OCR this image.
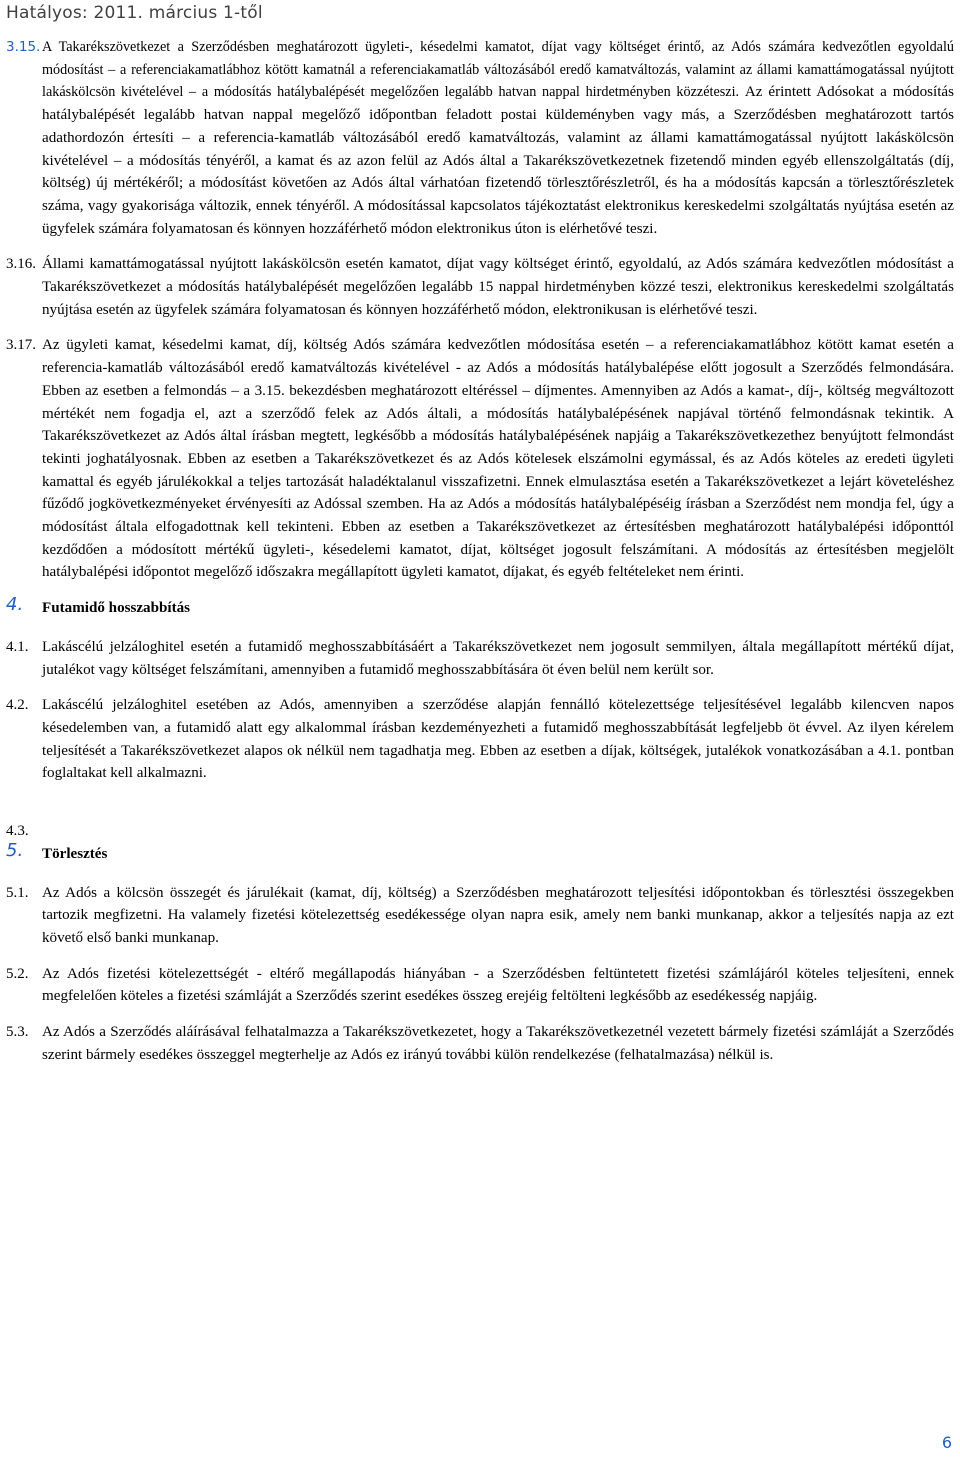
Hatályos: 2011. március 1-től
3.15. A Takarékszövetkezet a Szerződésben meghatározott ügyleti-, késedelmi kamatot, díjat vagy költséget érintő, az Adós számára kedvezőtlen egyoldalú módosítást – a referenciakamatlábhoz kötött kamatnál a referenciakamatláb változásából eredő kamatváltozás, valamint az állami kamattámogatással nyújtott lakáskölcsön kivételével – a módosítás hatálybalépését megelőzően legalább hatvan nappal hirdetményben közzéteszi. Az érintett Adósokat a módosítás hatálybalépését legalább hatvan nappal megelőző időpontban feladott postai küldeményben vagy más, a Szerződésben meghatározott tartós adathordozón értesíti – a referencia-kamatláb változásából eredő kamatváltozás, valamint az állami kamattámogatással nyújtott lakáskölcsön kivételével – a módosítás tényéről, a kamat és az azon felül az Adós által a Takarékszövetkezetnek fizetendő minden egyéb ellenszolgáltatás (díj, költség) új mértékéről; a módosítást követően az Adós által várhatóan fizetendő törlesztőrészletről, és ha a módosítás kapcsán a törlesztőrészletek száma, vagy gyakorisága változik, ennek tényéről. A módosítással kapcsolatos tájékoztatást elektronikus kereskedelmi szolgáltatás nyújtása esetén az ügyfelek számára folyamatosan és könnyen hozzáférhető módon elektronikus úton is elérhetővé teszi.

3.16. Állami kamattámogatással nyújtott lakáskölcsön esetén kamatot, díjat vagy költséget érintő, egyoldalú, az Adós számára kedvezőtlen módosítást a Takarékszövetkezet a módosítás hatálybalépését megelőzően legalább 15 nappal hirdetményben közzé teszi, elektronikus kereskedelmi szolgáltatás nyújtása esetén az ügyfelek számára folyamatosan és könnyen hozzáférhető módon, elektronikusan is elérhetővé teszi.

3.17. Az ügyleti kamat, késedelmi kamat, díj, költség Adós számára kedvezőtlen módosítása esetén – a referenciakamatlábhoz kötött kamat esetén a referencia-kamatláb változásából eredő kamatváltozás kivételével - az Adós a módosítás hatálybalépése előtt jogosult a Szerződés felmondására. Ebben az esetben a felmondás – a 3.15. bekezdésben meghatározott eltéréssel – díjmentes. Amennyiben az Adós a kamat-, díj-, költség megváltozott mértékét nem fogadja el, azt a szerződő felek az Adós általi, a módosítás hatálybalépésének napjával történő felmondásnak tekintik. A Takarékszövetkezet az Adós által írásban megtett, legkésőbb a módosítás hatálybalépésének napjáig a Takarékszövetkezethez benyújtott felmondást tekinti joghatályosnak. Ebben az esetben a Takarékszövetkezet és az Adós kötelesek elszámolni egymással, és az Adós köteles az eredeti ügyleti kamattal és egyéb járulékokkal a teljes tartozását haladéktalanul visszafizetni. Ennek elmulasztása esetén a Takarékszövetkezet a lejárt követeléshez fűződő jogkövetkezményeket érvényesíti az Adóssal szemben. Ha az Adós a módosítás hatálybalépéséig írásban a Szerződést nem mondja fel, úgy a módosítást általa elfogadottnak kell tekinteni. Ebben az esetben a Takarékszövetkezet az értesítésben meghatározott hatálybalépési időponttól kezdődően a módosított mértékű ügyleti-, késedelemi kamatot, díjat, költséget jogosult felszámítani. A módosítás az értesítésben megjelölt hatálybalépési időpontot megelőző időszakra megállapított ügyleti kamatot, díjakat, és egyéb feltételeket nem érinti.

4. Futamidő hosszabbítás
4.1. Lakáscélú jelzáloghitel esetén a futamidő meghosszabbításáért a Takarékszövetkezet nem jogosult semmilyen, általa megállapított mértékű díjat, jutalékot vagy költséget felszámítani, amennyiben a futamidő meghosszabbítására öt éven belül nem került sor.

4.2. Lakáscélú jelzáloghitel esetében az Adós, amennyiben a szerződése alapján fennálló kötelezettsége teljesítésével legalább kilencven napos késedelemben van, a futamidő alatt egy alkalommal írásban kezdeményezheti a futamidő meghosszabbítását legfeljebb öt évvel. Az ilyen kérelem teljesítését a Takarékszövetkezet alapos ok nélkül nem tagadhatja meg. Ebben az esetben a díjak, költségek, jutalékok vonatkozásában a 4.1. pontban foglaltakat kell alkalmazni.

4.3.
5. Törlesztés
5.1. Az Adós a kölcsön összegét és járulékait (kamat, díj, költség) a Szerződésben meghatározott teljesítési időpontokban és törlesztési összegekben tartozik megfizetni. Ha valamely fizetési kötelezettség esedékessége olyan napra esik, amely nem banki munkanap, akkor a teljesítés napja az ezt követő első banki munkanap.

5.2. Az Adós fizetési kötelezettségét - eltérő megállapodás hiányában - a Szerződésben feltüntetett fizetési számlájáról köteles teljesíteni, ennek megfelelően köteles a fizetési számláját a Szerződés szerint esedékes összeg erejéig feltölteni legkésőbb az esedékesség napjáig.

5.3. Az Adós a Szerződés aláírásával felhatalmazza a Takarékszövetkezetet, hogy a Takarékszövetkezetnél vezetett bármely fizetési számláját a Szerződés szerint bármely esedékes összeggel megterhelje az Adós ez irányú további külön rendelkezése (felhatalmazása) nélkül is.

6
